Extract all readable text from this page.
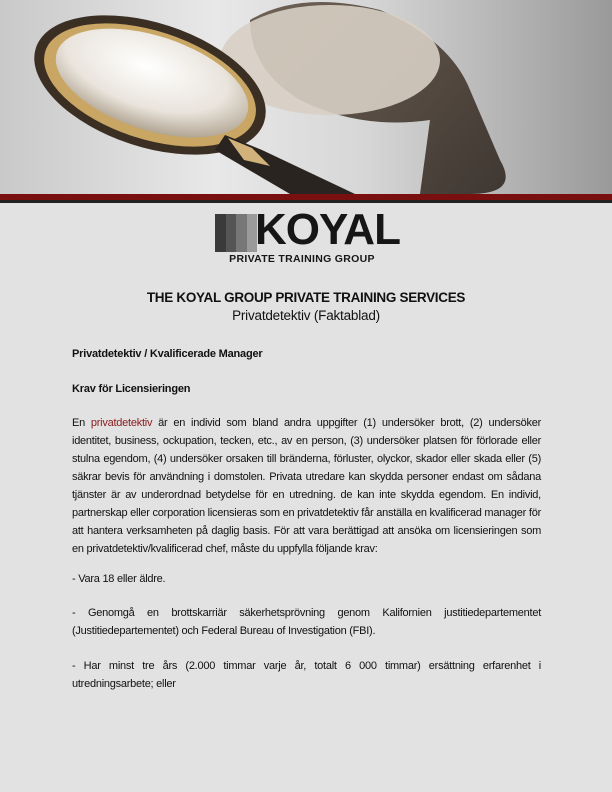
KOYAL
PRIVATE TRAINING GROUP
THE KOYAL GROUP PRIVATE TRAINING SERVICES
Privatdetektiv (Faktablad)
Privatdetektiv / Kvalificerade Manager
Krav för Licensieringen
En privatdetektiv är en individ som bland andra uppgifter (1) undersöker brott, (2) undersöker identitet, business, ockupation, tecken, etc., av en person, (3) undersöker platsen för förlorade eller stulna egendom, (4) undersöker orsaken till bränderna, förluster, olyckor, skador eller skada eller (5) säkrar bevis för användning i domstolen. Privata utredare kan skydda personer endast om sådana tjänster är av underordnad betydelse för en utredning. de kan inte skydda egendom. En individ, partnerskap eller corporation licensieras som en privatdetektiv får anställa en kvalificerad manager för att hantera verksamheten på daglig basis. För att vara berättigad att ansöka om licensieringen som en privatdetektiv/kvalificerad chef, måste du uppfylla följande krav:
- Vara 18 eller äldre.
- Genomgå en brottskarriär säkerhetsprövning genom Kalifornien justitiedepartementet (Justitiedepartementet) och Federal Bureau of Investigation (FBI).
- Har minst tre års (2.000 timmar varje år, totalt 6 000 timmar) ersättning erfarenhet i utredningsarbete; eller
